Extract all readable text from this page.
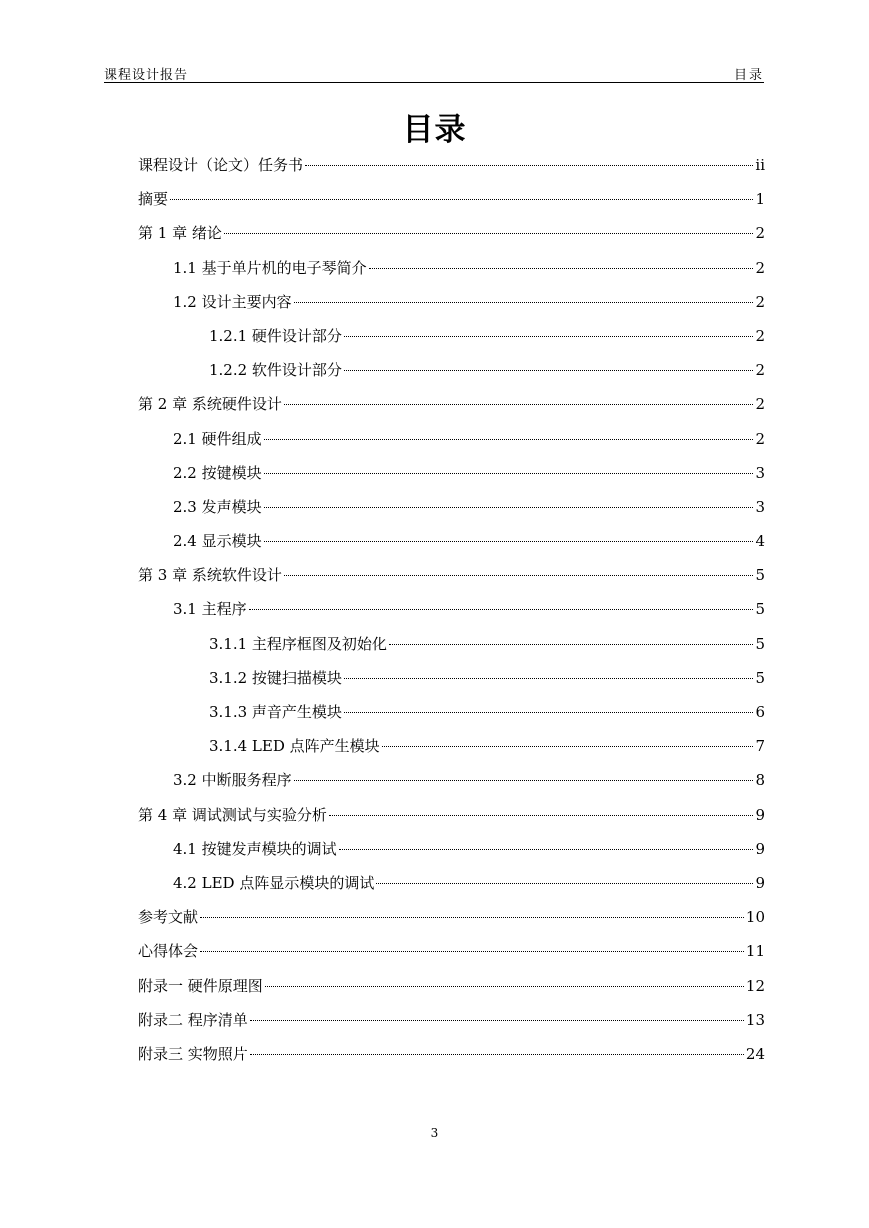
课程设计报告	目录
目录
课程设计（论文）任务书	ii
摘要	1
第 1 章 绪论	2
1.1 基于单片机的电子琴简介	2
1.2 设计主要内容	2
1.2.1 硬件设计部分	2
1.2.2 软件设计部分	2
第 2 章 系统硬件设计	2
2.1 硬件组成	2
2.2 按键模块	3
2.3 发声模块	3
2.4 显示模块	4
第 3 章 系统软件设计	5
3.1 主程序	5
3.1.1 主程序框图及初始化	5
3.1.2 按键扫描模块	5
3.1.3 声音产生模块	6
3.1.4 LED 点阵产生模块	7
3.2 中断服务程序	8
第 4 章 调试测试与实验分析	9
4.1 按键发声模块的调试	9
4.2 LED 点阵显示模块的调试	9
参考文献	10
心得体会	11
附录一 硬件原理图	12
附录二 程序清单	13
附录三 实物照片	24
3
